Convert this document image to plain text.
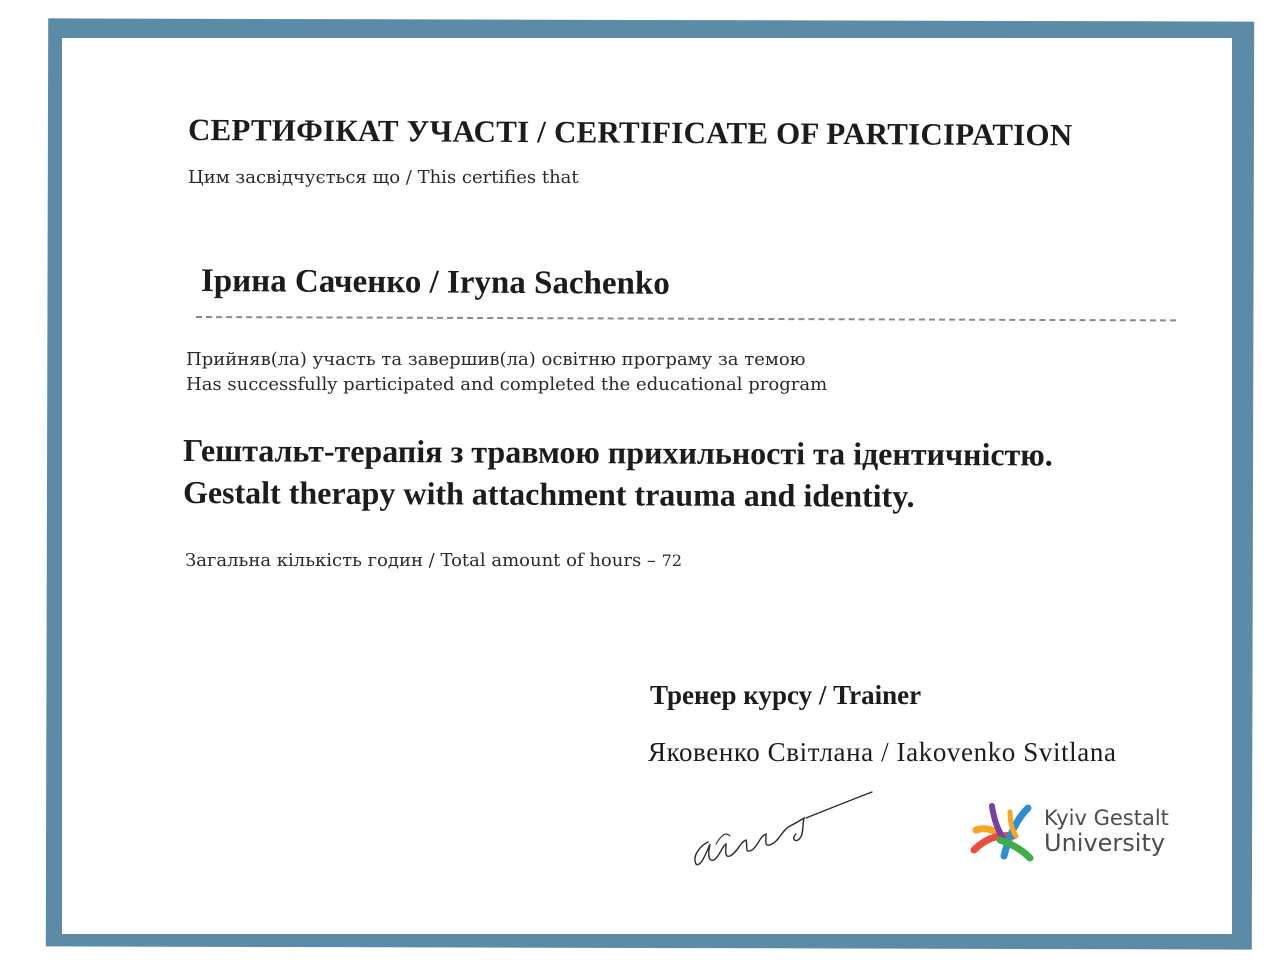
СЕРТИФІКАТ УЧАСТІ / CERTIFICATE OF PARTICIPATION
Цим засвідчується що / This certifies that
Ірина Саченко / Iryna Sachenko
Прийняв(ла) участь та завершив(ла) освітню програму за темою
Has successfully participated and completed the educational program
Гештальт-терапія з травмою прихильності та ідентичністю.
Gestalt therapy with attachment trauma and identity.
Загальна кількість годин / Total amount of hours – 72
Тренер курсу / Trainer
Яковенко Світлана / Iakovenko Svitlana
Kyiv Gestalt
University
